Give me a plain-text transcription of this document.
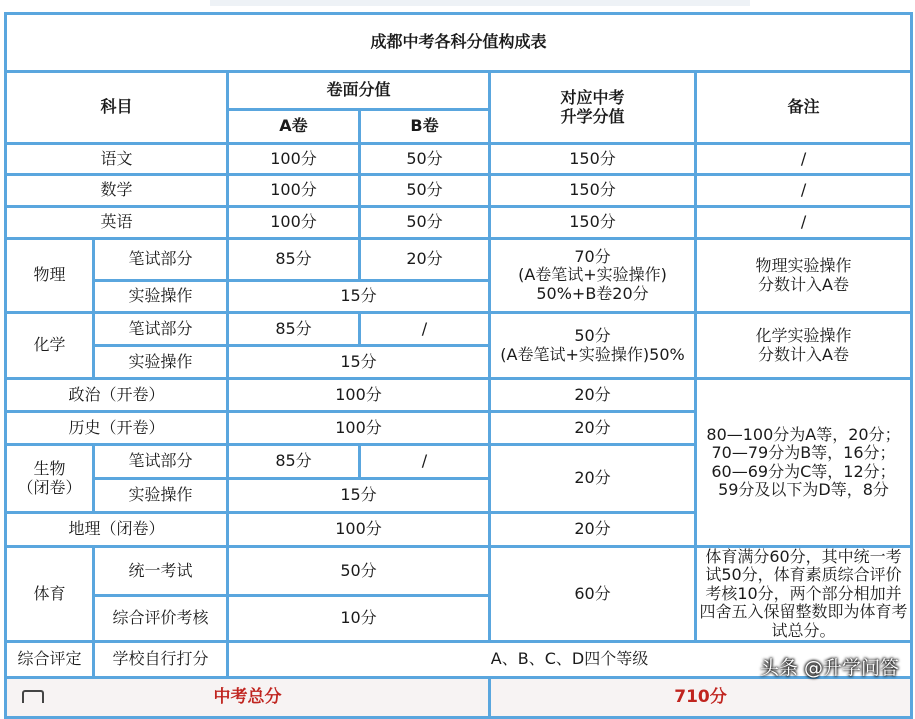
成都中考各科分值构成表					
科目		卷面分值		对应中考
升学分值	备注
		A卷	B卷		
语文		100分	50分	150分	/
数学		100分	50分	150分	/
英语		100分	50分	150分	/
物理	笔试部分	85分	20分	70分
(A卷笔试+实验操作)
50%+B卷20分	物理实验操作
分数计入A卷

	实验操作	15分			
化学	笔试部分	85分	/	50分
(A卷笔试+实验操作)50%	化学实验操作
分数计入A卷

	实验操作	15分			
政治（开卷）		100分		20分	80—100分为A等，20分；
70—79分为B等，16分；
60—69分为C等，12分；
59分及以下为D等，8分

历史（开卷）		100分		20分	

生物
（闭卷）	笔试部分	85分	/	20分	
	实验操作	15分			
地理（闭卷）		100分		20分	
体育	统一考试	50分		60分	体育满分60分，其中统一考试50分，体育素质综合评价考核10分，两个部分相加并四舍五入保留整数即为体育考试总分。
	综合评价考核	10分			
综合评定	学校自行打分	A、B、C、D四个等级			
中考总分				710分	
头条 @升学问答
